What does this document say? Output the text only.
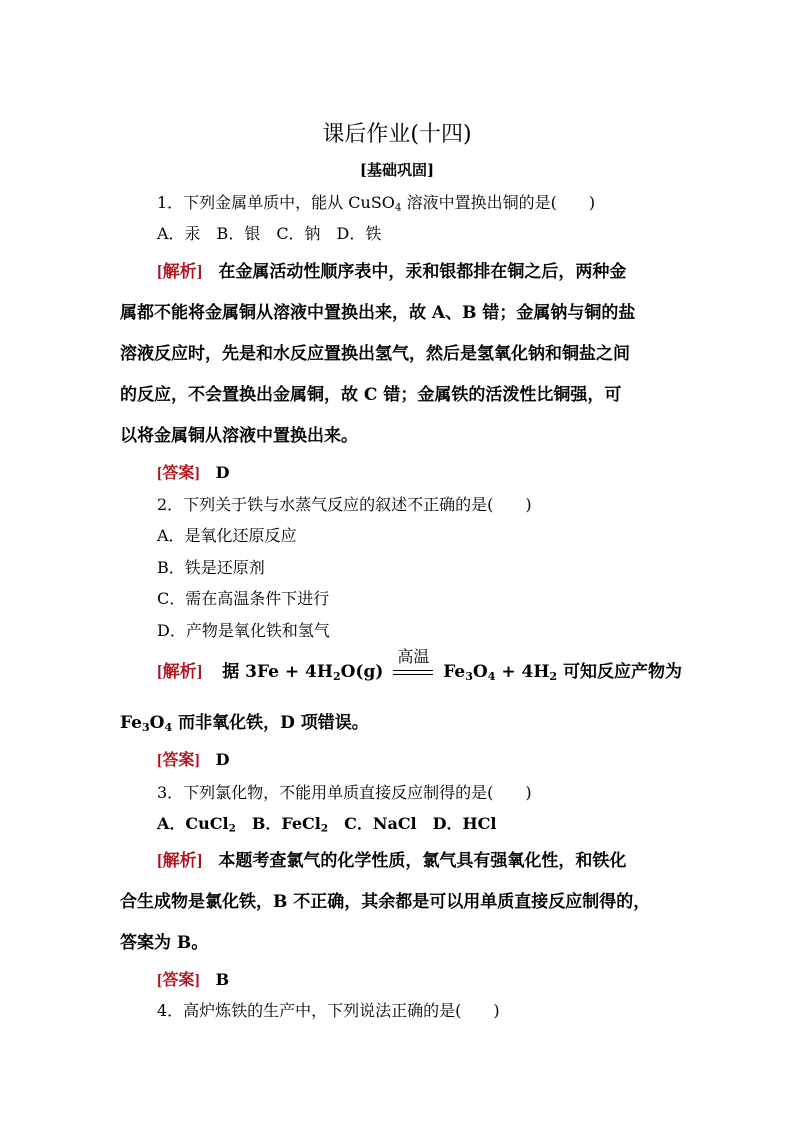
课后作业(十四)
[基础巩固]
1．下列金属单质中，能从 CuSO$_4$ 溶液中置换出铜的是(　　)
A．汞　B．银　C．钠　D．铁
[解析] 在金属活动性顺序表中，汞和银都排在铜之后，两种金
属都不能将金属铜从溶液中置换出来，故 A、B 错；金属钠与铜的盐
溶液反应时，先是和水反应置换出氢气，然后是氢氧化钠和铜盐之间
的反应，不会置换出金属铜，故 C 错；金属铁的活泼性比铜强，可
以将金属铜从溶液中置换出来。
[答案] D
2．下列关于铁与水蒸气反应的叙述不正确的是(　　)
A．是氧化还原反应
B．铁是还原剂
C．需在高温条件下进行
D．产物是氧化铁和氢气
[解析] 据 $3Fe + 4H_2O(g)$
高温
$Fe_3O_4 + 4H_2$ 可知反应产物为
$Fe_3O_4$ 而非氧化铁，D 项错误。
[答案] D
3．下列氯化物，不能用单质直接反应制得的是(　　)
A．CuCl$_2$　B．FeCl$_2$　C．NaCl　D．HCl
[解析] 本题考查氯气的化学性质，氯气具有强氧化性，和铁化
合生成物是氯化铁，B 不正确，其余都是可以用单质直接反应制得的，
答案为 B。
[答案] B
4．高炉炼铁的生产中，下列说法正确的是(　　)
